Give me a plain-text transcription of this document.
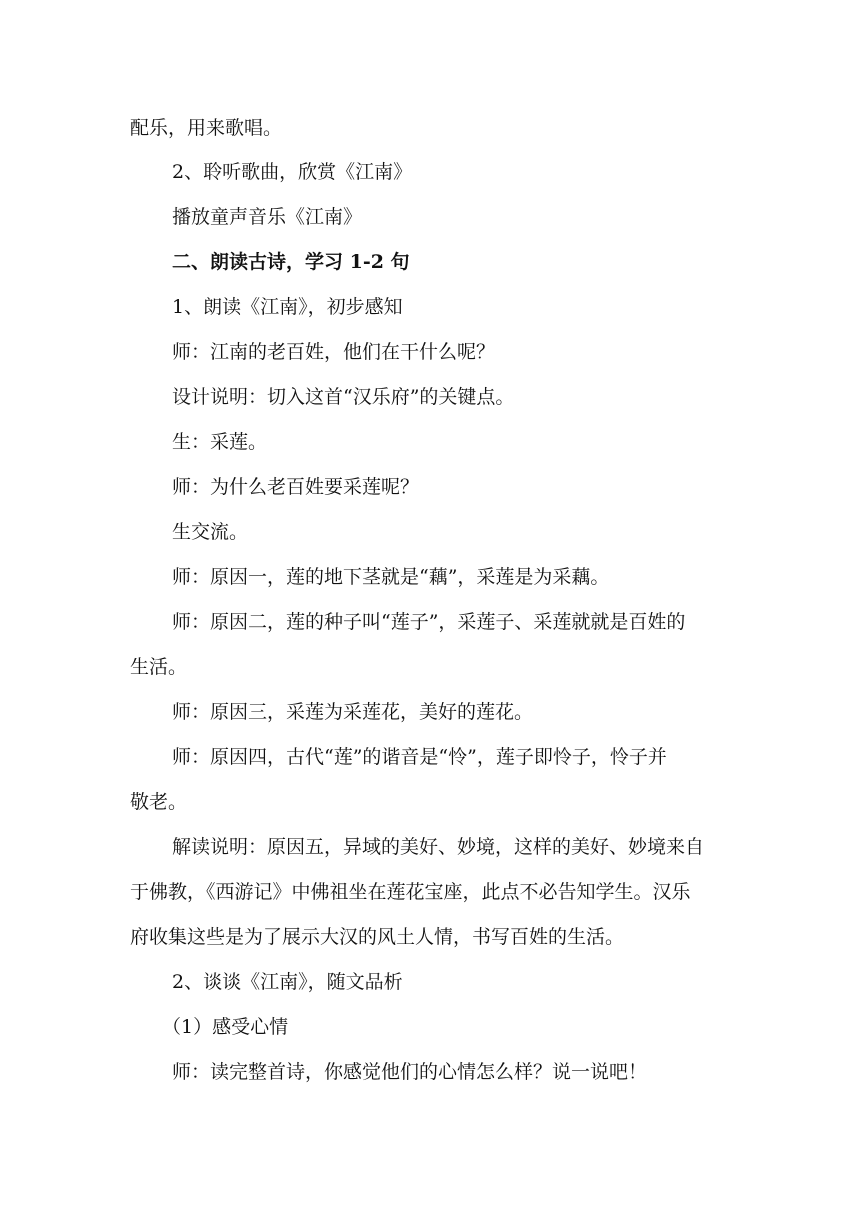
配乐，用来歌唱。
2、聆听歌曲，欣赏《江南》
播放童声音乐《江南》
二、朗读古诗，学习 1-2 句
1、朗读《江南》，初步感知
师：江南的老百姓，他们在干什么呢？
设计说明：切入这首“汉乐府”的关键点。
生：采莲。
师：为什么老百姓要采莲呢？
生交流。
师：原因一，莲的地下茎就是“藕”，采莲是为采藕。
师：原因二，莲的种子叫“莲子”，采莲子、采莲就就是百姓的
生活。
师：原因三，采莲为采莲花，美好的莲花。
师：原因四，古代“莲”的谐音是“怜”，莲子即怜子，怜子并
敬老。
解读说明：原因五，异域的美好、妙境，这样的美好、妙境来自
于佛教，《西游记》中佛祖坐在莲花宝座，此点不必告知学生。汉乐
府收集这些是为了展示大汉的风土人情，书写百姓的生活。
2、谈谈《江南》，随文品析
（1）感受心情
师：读完整首诗，你感觉他们的心情怎么样？说一说吧！
